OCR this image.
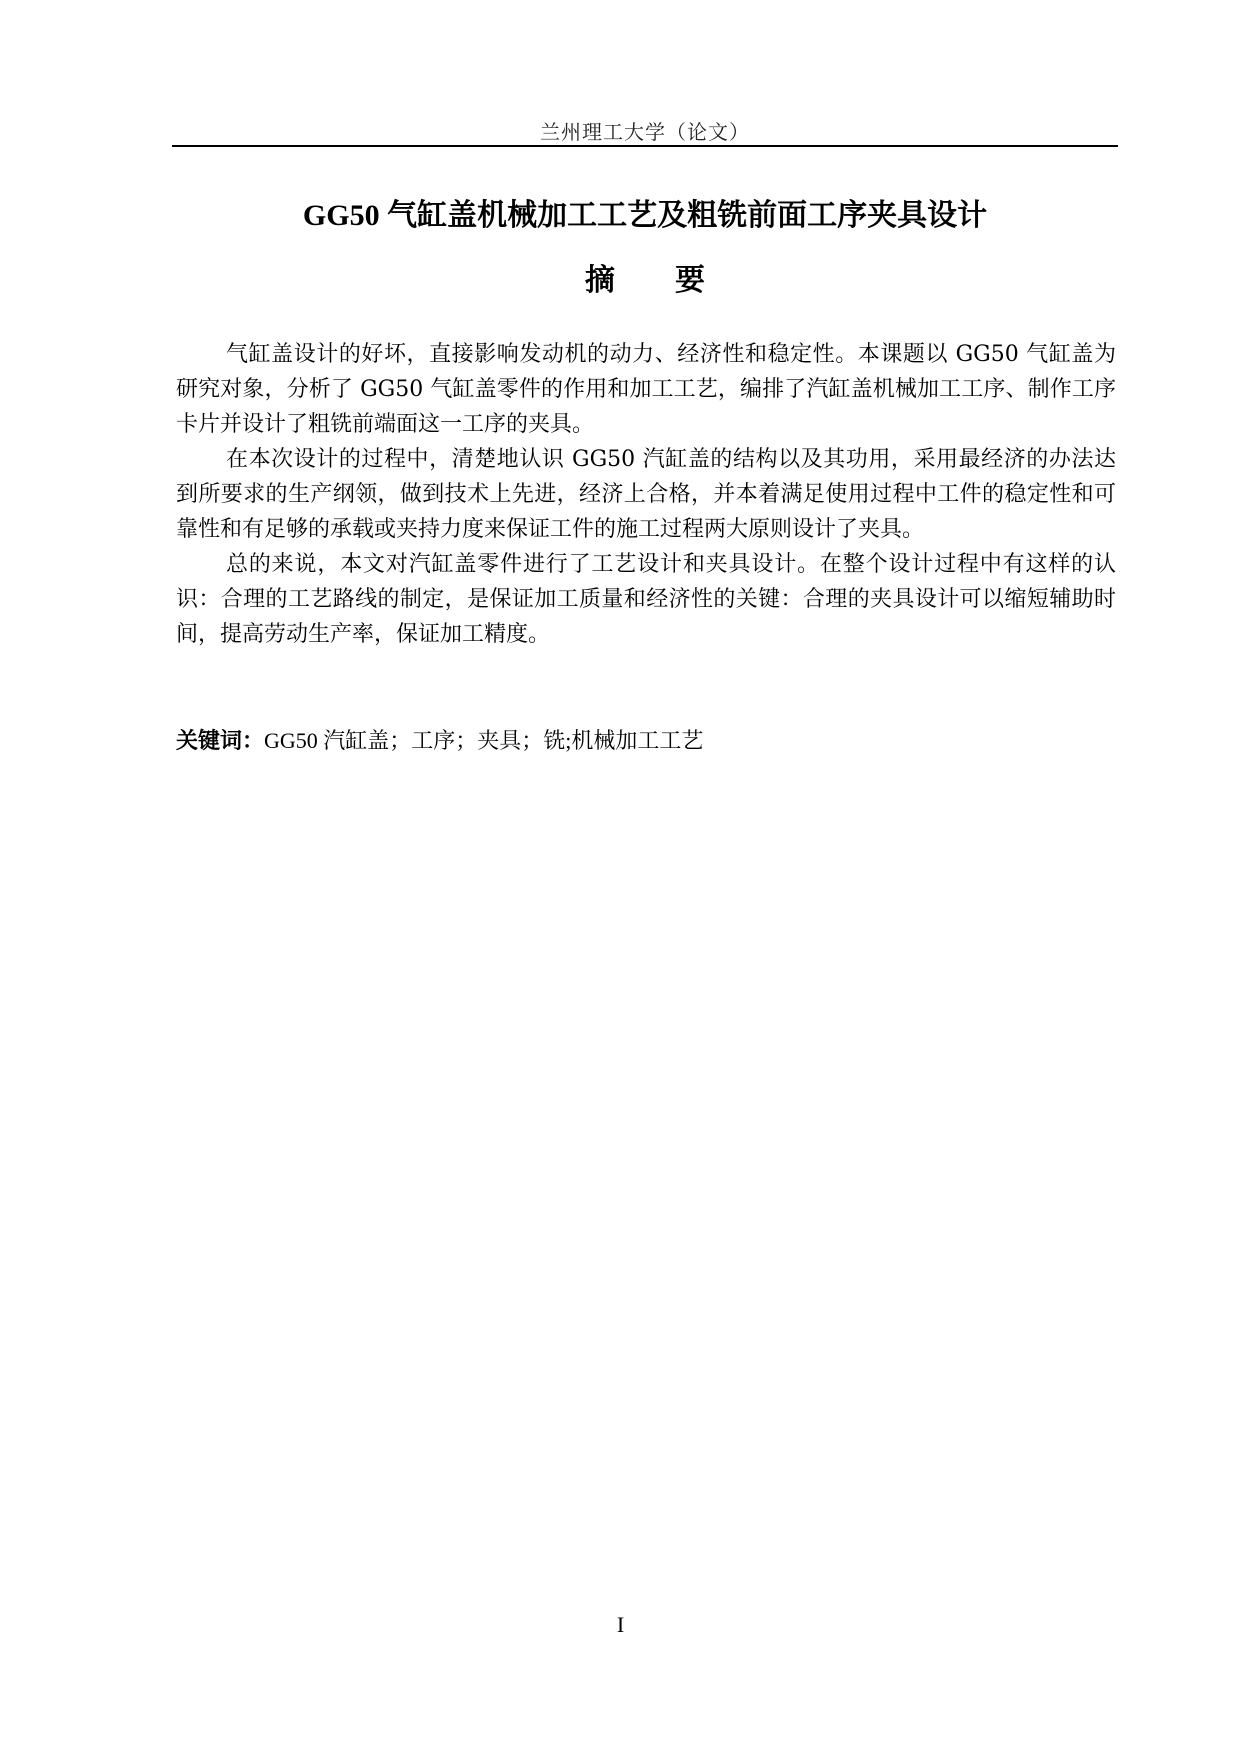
兰州理工大学（论文）
GG50 气缸盖机械加工工艺及粗铣前面工序夹具设计
摘要

气缸盖设计的好坏，直接影响发动机的动力、经济性和稳定性。本课题以 GG50 气缸盖为研究对象，分析了 GG50 气缸盖零件的作用和加工工艺，编排了汽缸盖机械加工工序、制作工序卡片并设计了粗铣前端面这一工序的夹具。

在本次设计的过程中，清楚地认识 GG50 汽缸盖的结构以及其功用，采用最经济的办法达到所要求的生产纲领，做到技术上先进，经济上合格，并本着满足使用过程中工件的稳定性和可靠性和有足够的承载或夹持力度来保证工件的施工过程两大原则设计了夹具。

总的来说，本文对汽缸盖零件进行了工艺设计和夹具设计。在整个设计过程中有这样的认识：合理的工艺路线的制定，是保证加工质量和经济性的关键：合理的夹具设计可以缩短辅助时间，提高劳动生产率，保证加工精度。

关键词：GG50 汽缸盖；工序；夹具；铣;机械加工工艺
I
